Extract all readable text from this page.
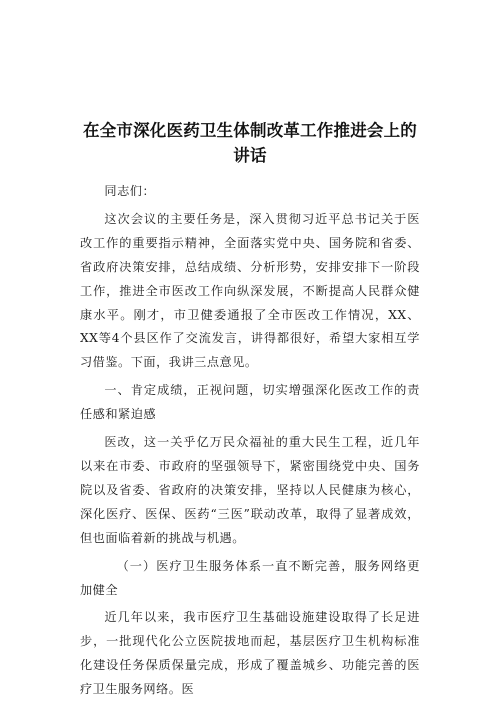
在全市深化医药卫生体制改革工作推进会上的
讲话

同志们：

这次会议的主要任务是，深入贯彻习近平总书记关于医改工作的重要指示精神，全面落实党中央、国务院和省委、省政府决策安排，总结成绩、分析形势，安排安排下一阶段工作，推进全市医改工作向纵深发展，不断提高人民群众健康水平。刚才，市卫健委通报了全市医改工作情况，XX、XX等4个县区作了交流发言，讲得都很好，希望大家相互学习借鉴。下面，我讲三点意见。

一、肯定成绩，正视问题，切实增强深化医改工作的责任感和紧迫感

医改，这一关乎亿万民众福祉的重大民生工程，近几年以来在市委、市政府的坚强领导下，紧密围绕党中央、国务院以及省委、省政府的决策安排，坚持以人民健康为核心，深化医疗、医保、医药“三医”联动改革，取得了显著成效，但也面临着新的挑战与机遇。

（一）医疗卫生服务体系一直不断完善，服务网络更加健全

近几年以来，我市医疗卫生基础设施建设取得了长足进步，一批现代化公立医院拔地而起，基层医疗卫生机构标准化建设任务保质保量完成，形成了覆盖城乡、功能完善的医疗卫生服务网络。医
